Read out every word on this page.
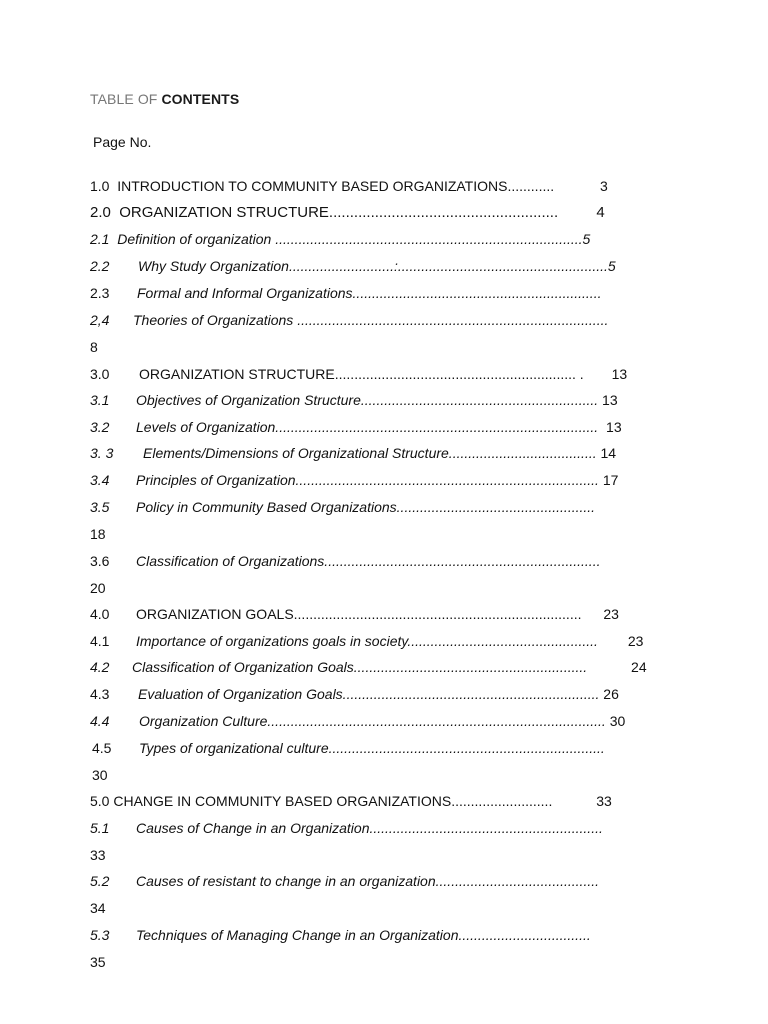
TABLE OF CONTENTS
Page No.
1.0  INTRODUCTION TO COMMUNITY BASED ORGANIZATIONS............	3
2.0  ORGANIZATION STRUCTURE.......................................................	4
2.1  Definition of organization ...............................................................................5
2.2 Why Study Organization...........................:......................................................5
2.3 Formal and Informal Organizations................................................................
2,4 Theories of Organizations ................................................................................
8
3.0 ORGANIZATION STRUCTURE.............................................................. . 13
3.1 Objectives of Organization Structure............................................................. 13
3.2 Levels of Organization................................................................................... 13
3. 3 Elements/Dimensions of Organizational Structure...................................... 14
3.4 Principles of Organization.............................................................................. 17
3.5 Policy in Community Based Organizations...................................................
18
3.6 Classification of Organizations.......................................................................
20
4.0 ORGANIZATION GOALS.......................................................................... 23
4.1 Importance of organizations goals in society................................................. 23
4.2 Classification of Organization Goals............................................................	24
4.3 Evaluation of Organization Goals.................................................................. 26
4.4 Organization Culture....................................................................................... 30
4.5 Types of organizational culture.......................................................................
30
5.0 CHANGE IN COMMUNITY BASED ORGANIZATIONS..........................	33
5.1 Causes of Change in an Organization............................................................
33
5.2 Causes of resistant to change in an organization..........................................
34
5.3 Techniques of Managing Change in an Organization..................................
35
